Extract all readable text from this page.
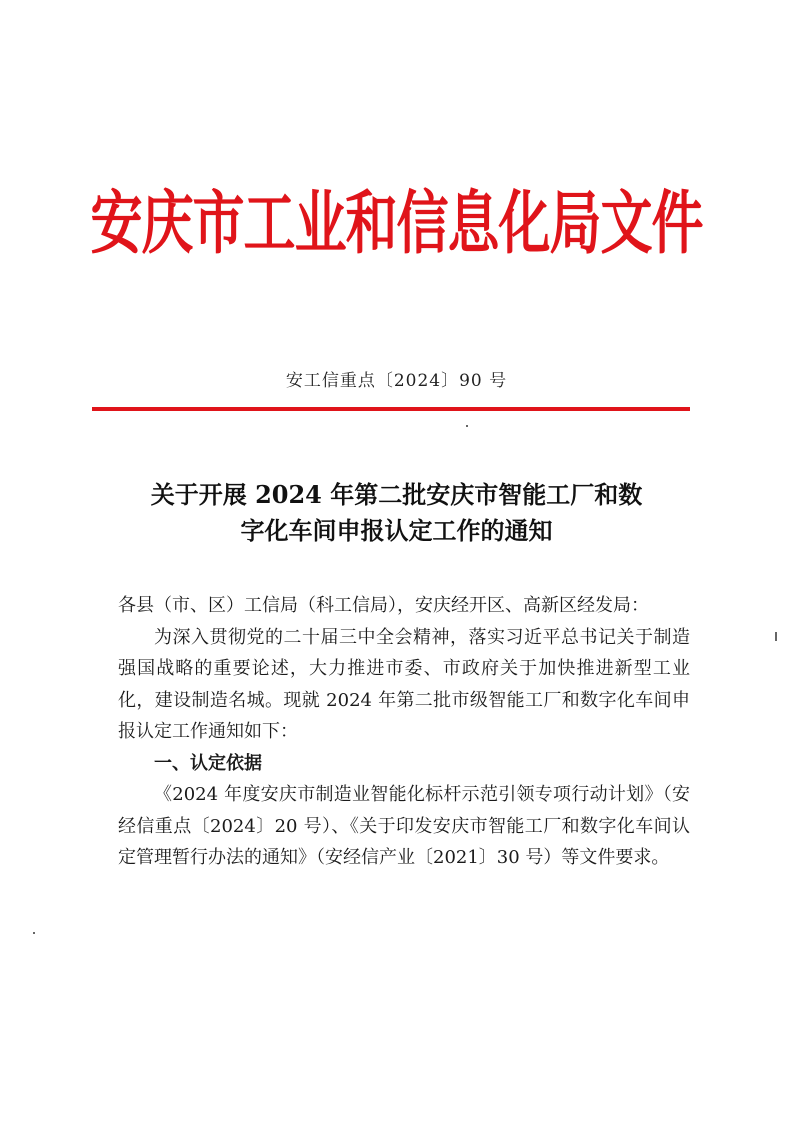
安庆市工业和信息化局文件
安工信重点〔2024〕90 号
关于开展 2024 年第二批安庆市智能工厂和数
字化车间申报认定工作的通知

各县（市、区）工信局（科工信局），安庆经开区、高新区经发局：

为深入贯彻党的二十届三中全会精神，落实习近平总书记关于制造强国战略的重要论述，大力推进市委、市政府关于加快推进新型工业化，建设制造名城。现就 2024 年第二批市级智能工厂和数字化车间申报认定工作通知如下：

一、认定依据

《2024 年度安庆市制造业智能化标杆示范引领专项行动计划》（安经信重点〔2024〕20 号）、《关于印发安庆市智能工厂和数字化车间认定管理暂行办法的通知》（安经信产业〔2021〕30 号）等文件要求。
